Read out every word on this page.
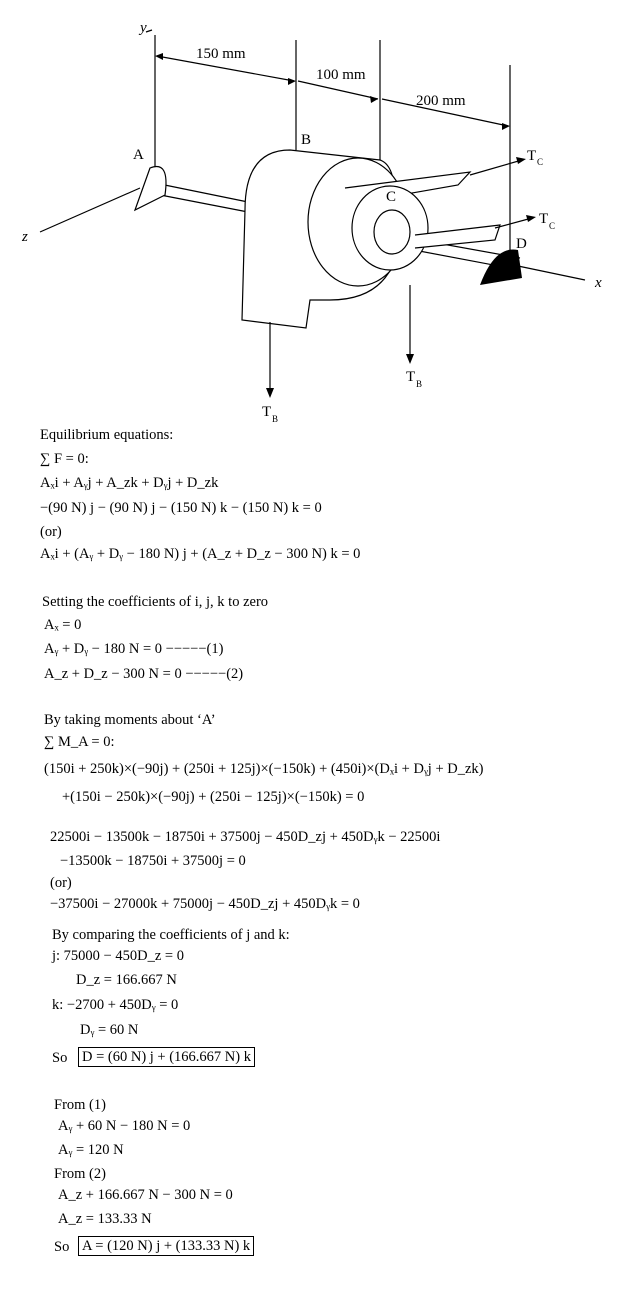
y
z
x
150 mm
100 mm
200 mm
A
B
C
D
T C
T C
T B
T B
Equilibrium equations:
∑ F = 0:
Aₓi + Aᵧj + A_zk + Dᵧj + D_zk
−(90 N) j − (90 N) j − (150 N) k − (150 N) k = 0
(or)
Aₓi + (Aᵧ + Dᵧ − 180 N) j + (A_z + D_z − 300 N) k = 0
Setting the coefficients of i, j, k to zero
Aₓ = 0
Aᵧ + Dᵧ − 180 N = 0 −−−−−(1)
A_z + D_z − 300 N = 0 −−−−−(2)
By taking moments about ‘A’
∑ M_A = 0:
(150i + 250k)×(−90j) + (250i + 125j)×(−150k) + (450i)×(Dₓi + Dᵧj + D_zk)
+(150i − 250k)×(−90j) + (250i − 125j)×(−150k) = 0
22500i − 13500k − 18750i + 37500j − 450D_zj + 450Dᵧk − 22500i
−13500k − 18750i + 37500j = 0
(or)
−37500i − 27000k + 75000j − 450D_zj + 450Dᵧk = 0
By comparing the coefficients of j and k:
j: 75000 − 450D_z = 0
D_z = 166.667 N
k: −2700 + 450Dᵧ = 0
Dᵧ = 60 N
So D = (60 N) j + (166.667 N) k
From (1)
Aᵧ + 60 N − 180 N = 0
Aᵧ = 120 N
From (2)
A_z + 166.667 N − 300 N = 0
A_z = 133.33 N
So A = (120 N) j + (133.33 N) k
